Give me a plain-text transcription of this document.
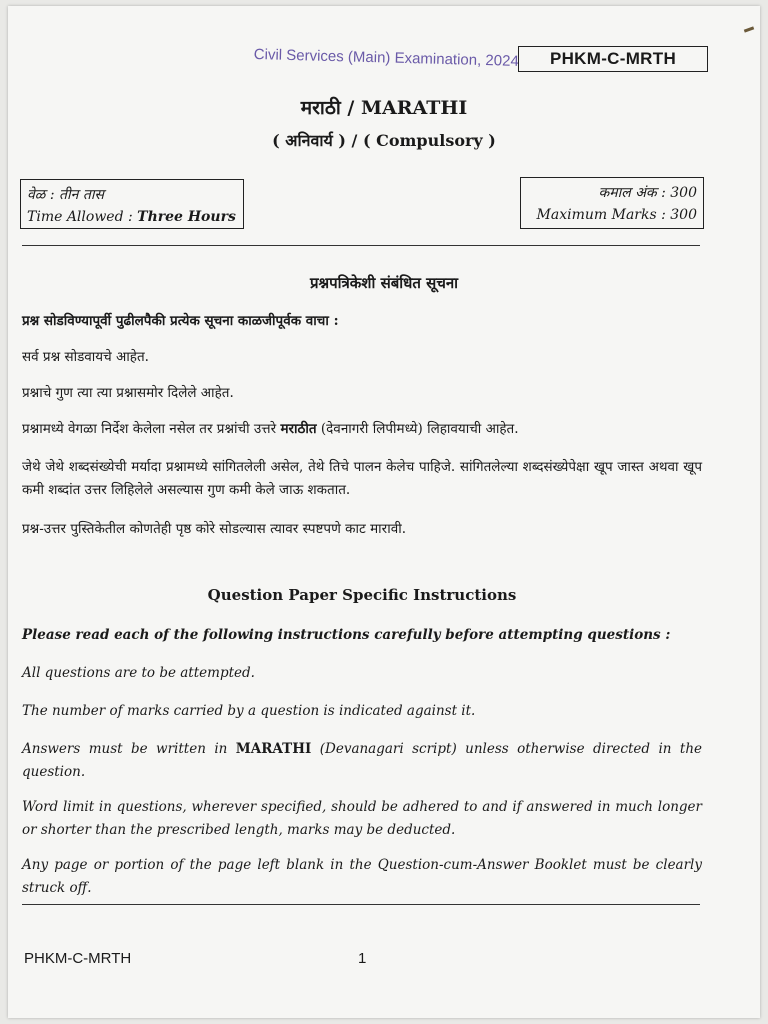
Civil Services (Main) Examination, 2024	PHKM-C-MRTH
मराठी / MARATHI
( अनिवार्य ) / ( Compulsory )
वेळ : तीन तास
Time Allowed : Three Hours
कमाल अंक : 300
Maximum Marks : 300
प्रश्नपत्रिकेशी संबंधित सूचना
प्रश्न सोडविण्यापूर्वी पुढीलपैकी प्रत्येक सूचना काळजीपूर्वक वाचा :
सर्व प्रश्न सोडवायचे आहेत.
प्रश्नाचे गुण त्या त्या प्रश्नासमोर दिलेले आहेत.
प्रश्नामध्ये वेगळा निर्देश केलेला नसेल तर प्रश्नांची उत्तरे मराठीत (देवनागरी लिपीमध्ये) लिहावयाची आहेत.
जेथे जेथे शब्दसंख्येची मर्यादा प्रश्नामध्ये सांगितलेली असेल, तेथे तिचे पालन केलेच पाहिजे. सांगितलेल्या शब्दसंख्येपेक्षा खूप जास्त अथवा खूप कमी शब्दांत उत्तर लिहिलेले असल्यास गुण कमी केले जाऊ शकतात.
प्रश्न-उत्तर पुस्तिकेतील कोणतेही पृष्ठ कोरे सोडल्यास त्यावर स्पष्टपणे काट मारावी.
Question Paper Specific Instructions
Please read each of the following instructions carefully before attempting questions :
All questions are to be attempted.
The number of marks carried by a question is indicated against it.
Answers must be written in MARATHI (Devanagari script) unless otherwise directed in the question.
Word limit in questions, wherever specified, should be adhered to and if answered in much longer or shorter than the prescribed length, marks may be deducted.
Any page or portion of the page left blank in the Question-cum-Answer Booklet must be clearly struck off.
PHKM-C-MRTH	1
